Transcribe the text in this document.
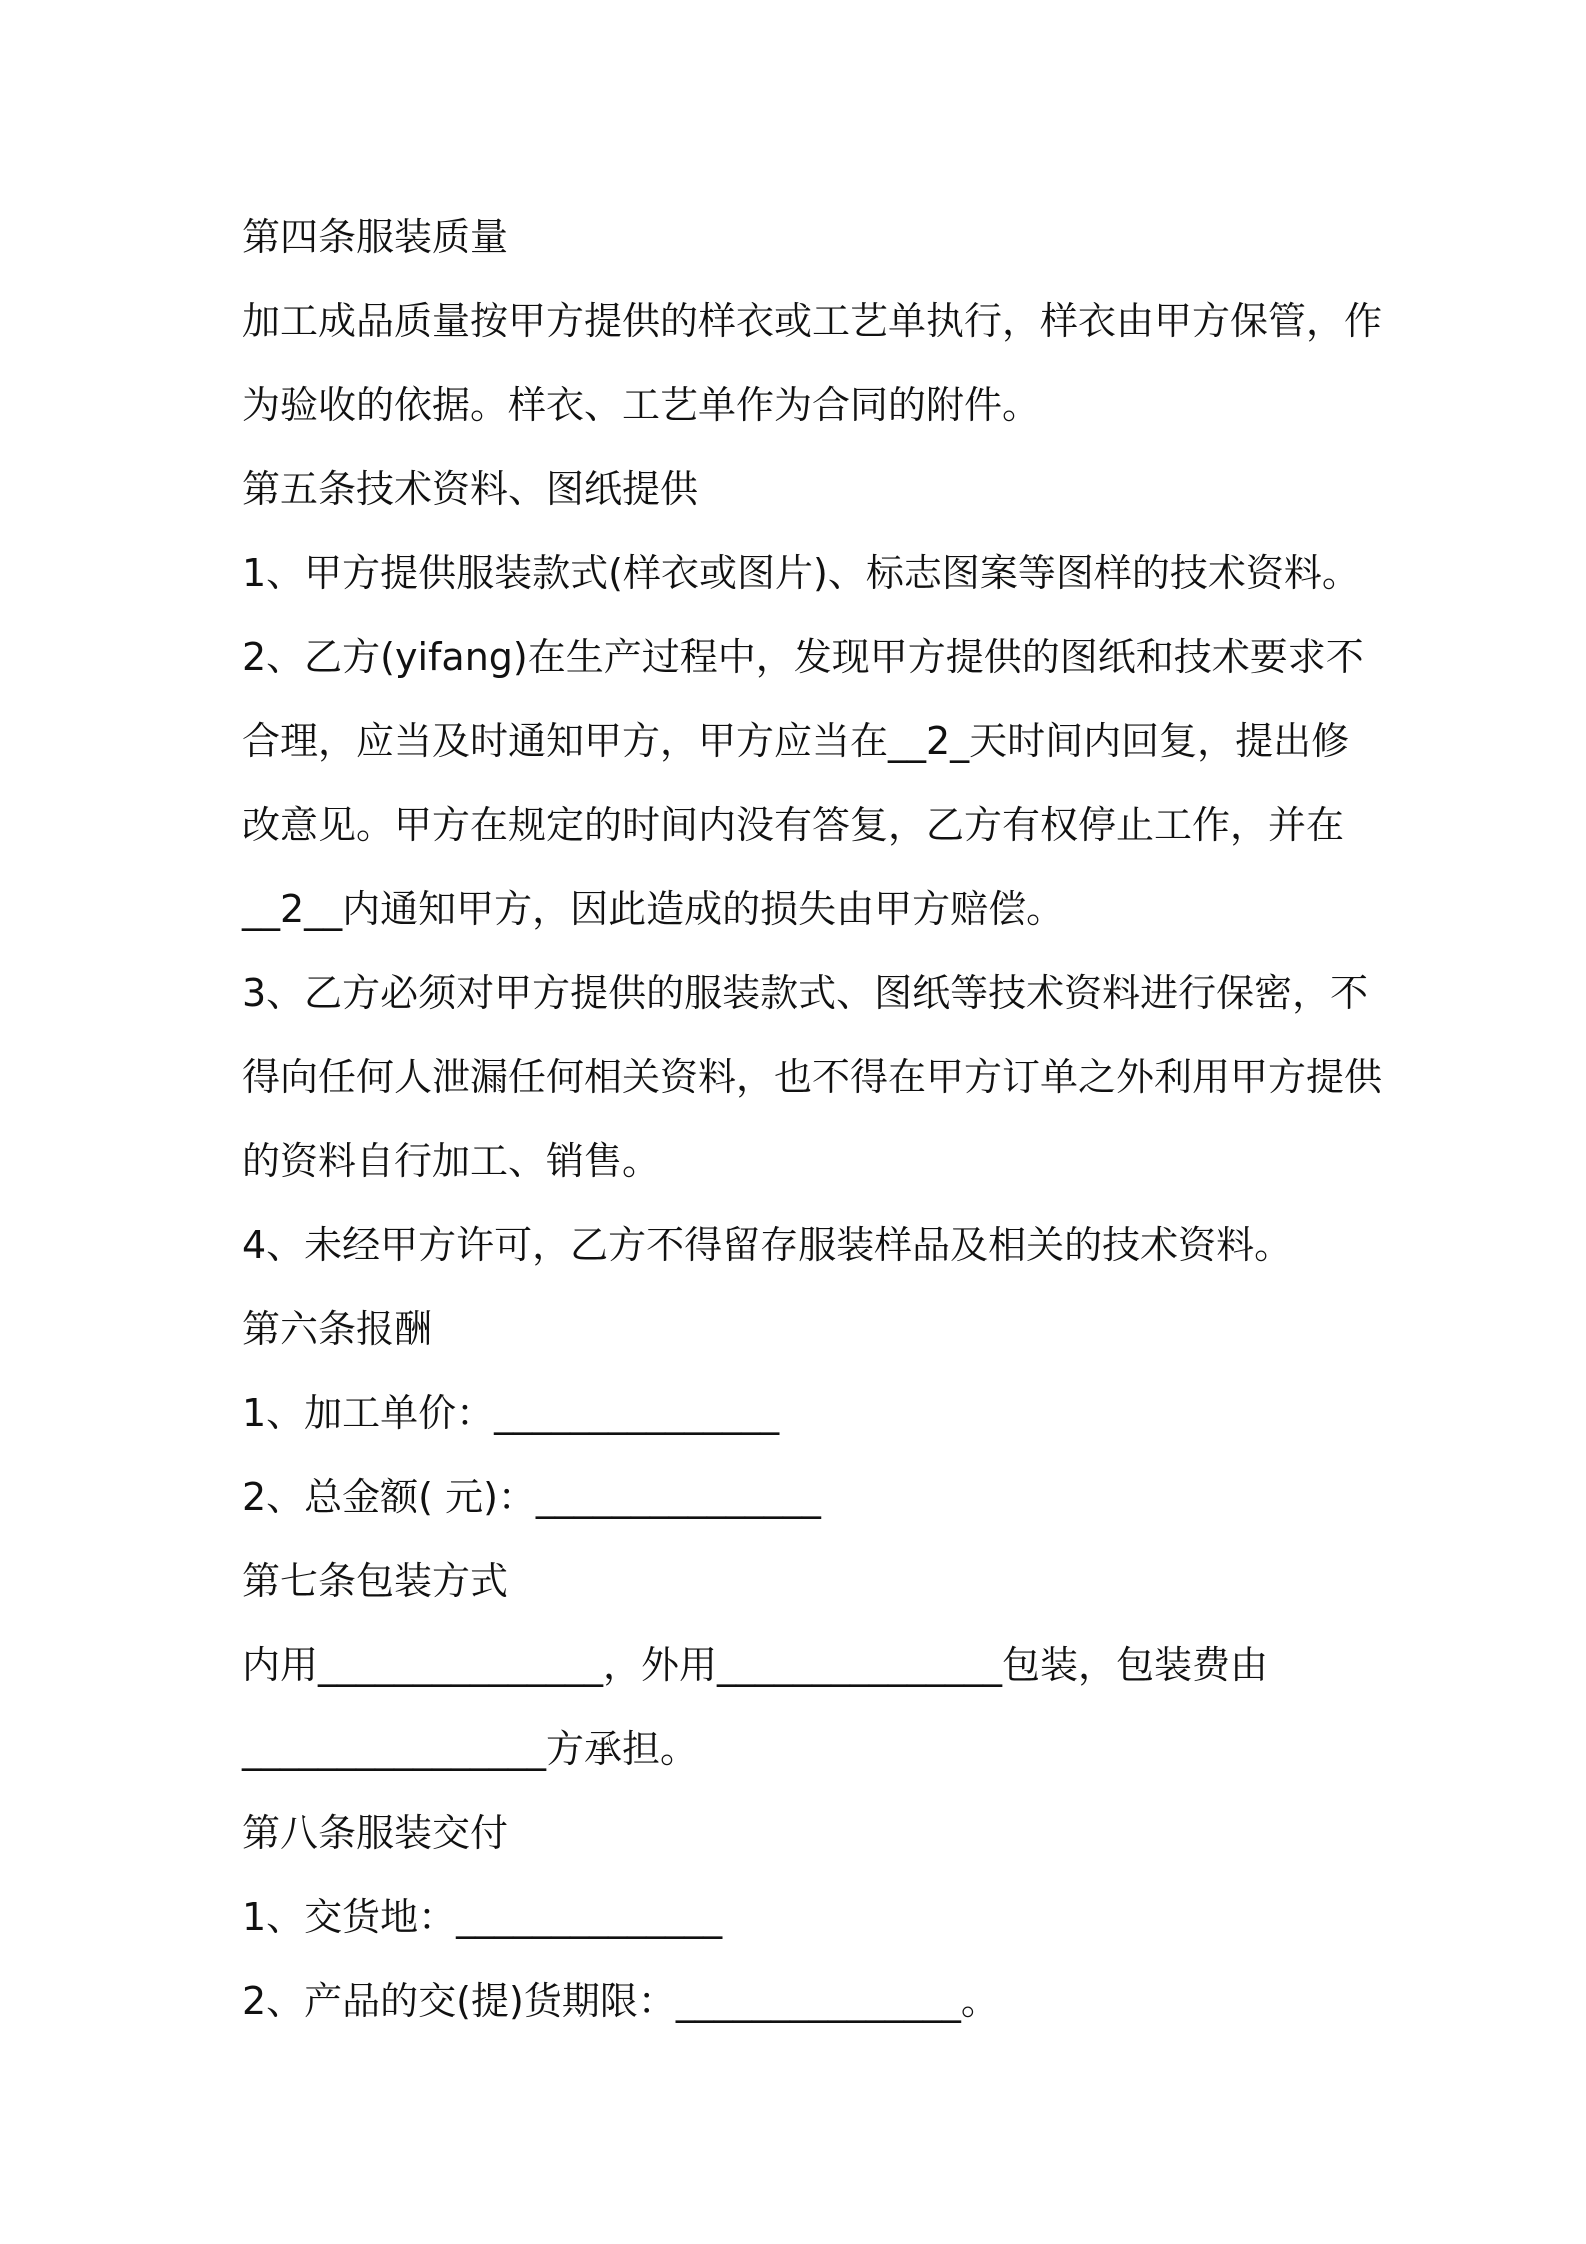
第四条服装质量
加工成品质量按甲方提供的样衣或工艺单执行，样衣由甲方保管，作
为验收的依据。样衣、工艺单作为合同的附件。
第五条技术资料、图纸提供
1、甲方提供服装款式(样衣或图片)、标志图案等图样的技术资料。
2、乙方(yifang)在生产过程中，发现甲方提供的图纸和技术要求不
合理，应当及时通知甲方，甲方应当在__2_天时间内回复，提出修
改意见。甲方在规定的时间内没有答复，乙方有权停止工作，并在
__2__内通知甲方，因此造成的损失由甲方赔偿。
3、乙方必须对甲方提供的服装款式、图纸等技术资料进行保密，不
得向任何人泄漏任何相关资料，也不得在甲方订单之外利用甲方提供
的资料自行加工、销售。
4、未经甲方许可，乙方不得留存服装样品及相关的技术资料。
第六条报酬
1、加工单价：_______________
2、总金额( 元)：_______________
第七条包装方式
内用_______________，外用_______________包装，包装费由
________________方承担。
第八条服装交付
1、交货地：______________
2、产品的交(提)货期限：_______________。
